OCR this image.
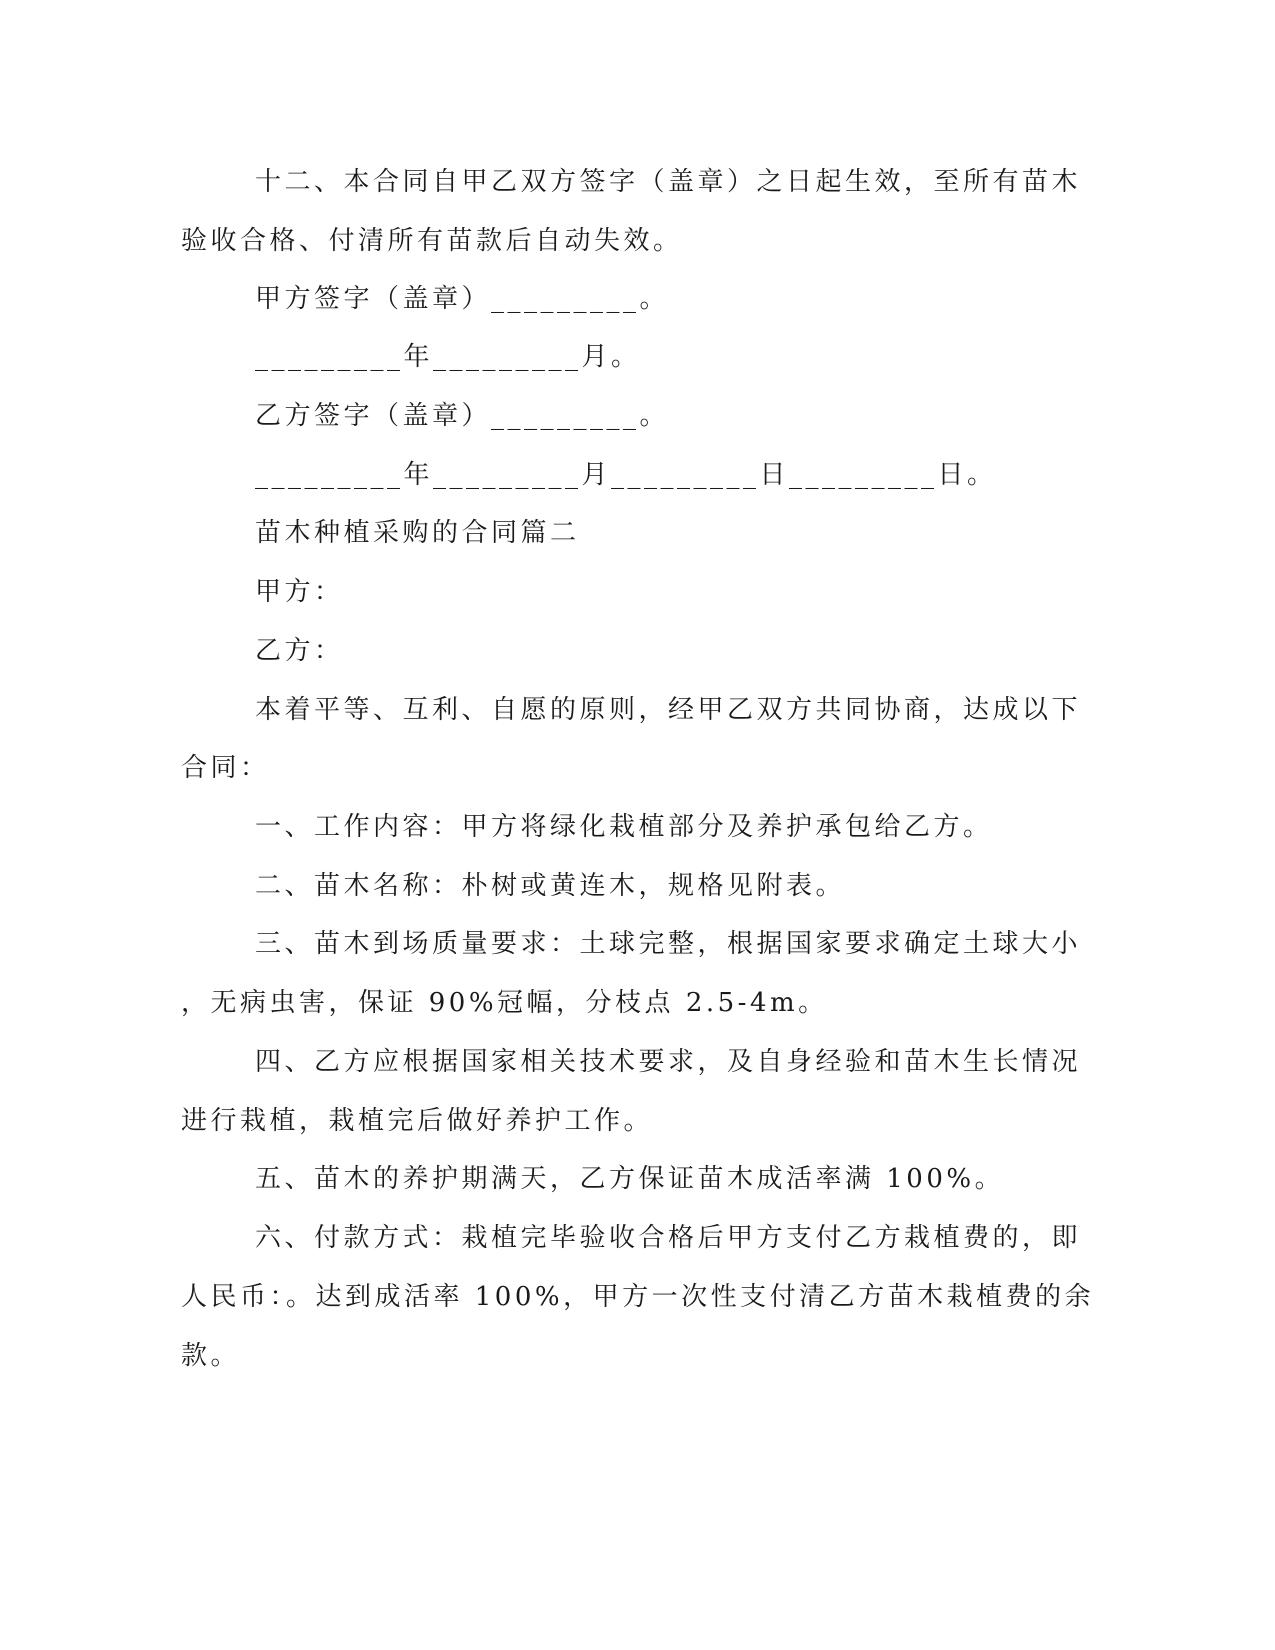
十二、本合同自甲乙双方签字（盖章）之日起生效，至所有苗木
验收合格、付清所有苗款后自动失效。
甲方签字（盖章）_________。
_________年_________月。
乙方签字（盖章）_________。
_________年_________月_________日_________日。
苗木种植采购的合同篇二
甲方：
乙方：
本着平等、互利、自愿的原则，经甲乙双方共同协商，达成以下
合同：
一、工作内容：甲方将绿化栽植部分及养护承包给乙方。
二、苗木名称：朴树或黄连木，规格见附表。
三、苗木到场质量要求：土球完整，根据国家要求确定土球大小
，无病虫害，保证 90%冠幅，分枝点 2.5-4m。
四、乙方应根据国家相关技术要求，及自身经验和苗木生长情况
进行栽植，栽植完后做好养护工作。
五、苗木的养护期满天，乙方保证苗木成活率满 100%。
六、付款方式：栽植完毕验收合格后甲方支付乙方栽植费的，即
人民币：。达到成活率 100%，甲方一次性支付清乙方苗木栽植费的余
款。
